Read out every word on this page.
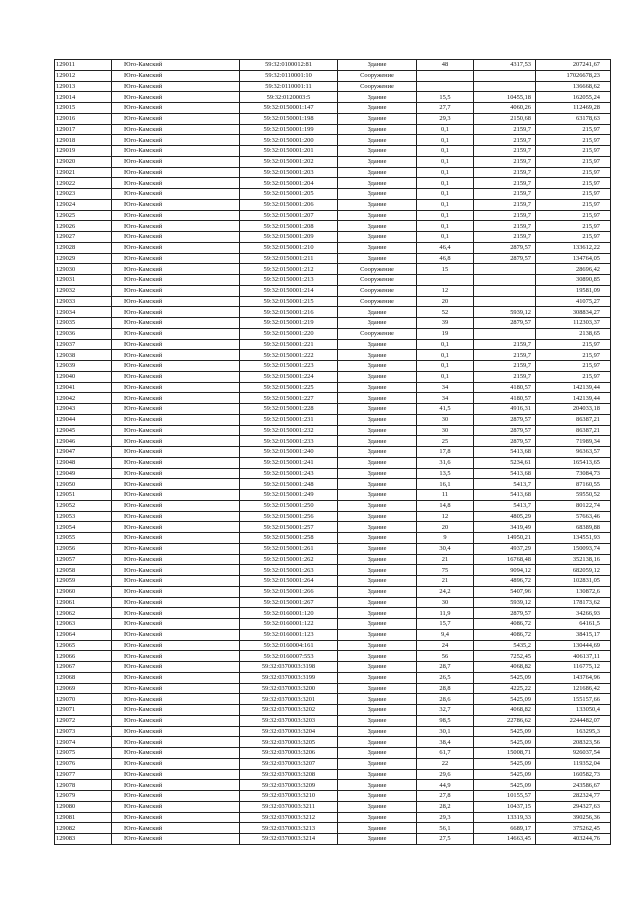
129011	Юго-Камский	59:32:0100012:81	Здание	48	4317,53	207241,67
129012	Юго-Камский	59:32:0110001:10	Сооружение			17026678,23
129013	Юго-Камский	59:32:0110001:11	Сооружение			136668,62
129014	Юго-Камский	59:32:0120003:5	Здание	15,5	10455,18	162055,24
129015	Юго-Камский	59:32:0150001:147	Здание	27,7	4060,26	112469,28
129016	Юго-Камский	59:32:0150001:198	Здание	29,3	2150,68	63178,63
129017	Юго-Камский	59:32:0150001:199	Здание	0,1	2159,7	215,97
129018	Юго-Камский	59:32:0150001:200	Здание	0,1	2159,7	215,97
129019	Юго-Камский	59:32:0150001:201	Здание	0,1	2159,7	215,97
129020	Юго-Камский	59:32:0150001:202	Здание	0,1	2159,7	215,97
129021	Юго-Камский	59:32:0150001:203	Здание	0,1	2159,7	215,97
129022	Юго-Камский	59:32:0150001:204	Здание	0,1	2159,7	215,97
129023	Юго-Камский	59:32:0150001:205	Здание	0,1	2159,7	215,97
129024	Юго-Камский	59:32:0150001:206	Здание	0,1	2159,7	215,97
129025	Юго-Камский	59:32:0150001:207	Здание	0,1	2159,7	215,97
129026	Юго-Камский	59:32:0150001:208	Здание	0,1	2159,7	215,97
129027	Юго-Камский	59:32:0150001:209	Здание	0,1	2159,7	215,97
129028	Юго-Камский	59:32:0150001:210	Здание	46,4	2879,57	133612,22
129029	Юго-Камский	59:32:0150001:211	Здание	46,8	2879,57	134764,05
129030	Юго-Камский	59:32:0150001:212	Сооружение	15		28696,42
129031	Юго-Камский	59:32:0150001:213	Сооружение			30890,85
129032	Юго-Камский	59:32:0150001:214	Сооружение	12		19581,09
129033	Юго-Камский	59:32:0150001:215	Сооружение	20		41075,27
129034	Юго-Камский	59:32:0150001:216	Здание	52	5939,12	308834,27
129035	Юго-Камский	59:32:0150001:219	Здание	39	2879,57	112303,37
129036	Юго-Камский	59:32:0150001:220	Сооружение	19		2138,65
129037	Юго-Камский	59:32:0150001:221	Здание	0,1	2159,7	215,97
129038	Юго-Камский	59:32:0150001:222	Здание	0,1	2159,7	215,97
129039	Юго-Камский	59:32:0150001:223	Здание	0,1	2159,7	215,97
129040	Юго-Камский	59:32:0150001:224	Здание	0,1	2159,7	215,97
129041	Юго-Камский	59:32:0150001:225	Здание	34	4180,57	142139,44
129042	Юго-Камский	59:32:0150001:227	Здание	34	4180,57	142139,44
129043	Юго-Камский	59:32:0150001:228	Здание	41,5	4916,31	204033,18
129044	Юго-Камский	59:32:0150001:231	Здание	30	2879,57	86387,21
129045	Юго-Камский	59:32:0150001:232	Здание	30	2879,57	86387,21
129046	Юго-Камский	59:32:0150001:233	Здание	25	2879,57	71989,34
129047	Юго-Камский	59:32:0150001:240	Здание	17,8	5413,68	96363,57
129048	Юго-Камский	59:32:0150001:241	Здание	31,6	5234,61	165413,65
129049	Юго-Камский	59:32:0150001:243	Здание	13,5	5413,68	73084,73
129050	Юго-Камский	59:32:0150001:248	Здание	16,1	5413,7	87160,55
129051	Юго-Камский	59:32:0150001:249	Здание	11	5413,68	59550,52
129052	Юго-Камский	59:32:0150001:250	Здание	14,8	5413,7	80122,74
129053	Юго-Камский	59:32:0150001:256	Здание	12	4805,29	57663,46
129054	Юго-Камский	59:32:0150001:257	Здание	20	3419,49	68389,88
129055	Юго-Камский	59:32:0150001:258	Здание	9	14950,21	134551,93
129056	Юго-Камский	59:32:0150001:261	Здание	30,4	4937,29	150093,74
129057	Юго-Камский	59:32:0150001:262	Здание	21	16768,48	352138,16
129058	Юго-Камский	59:32:0150001:263	Здание	75	9094,12	682059,12
129059	Юго-Камский	59:32:0150001:264	Здание	21	4896,72	102831,05
129060	Юго-Камский	59:32:0150001:266	Здание	24,2	5407,96	130872,6
129061	Юго-Камский	59:32:0150001:267	Здание	30	5939,12	178173,62
129062	Юго-Камский	59:32:0160001:120	Здание	11,9	2879,57	34266,93
129063	Юго-Камский	59:32:0160001:122	Здание	15,7	4086,72	64161,5
129064	Юго-Камский	59:32:0160001:123	Здание	9,4	4086,72	38415,17
129065	Юго-Камский	59:32:0160004:161	Здание	24	5435,2	130444,69
129066	Юго-Камский	59:32:0160007:553	Здание	56	7252,45	406137,11
129067	Юго-Камский	59:32:0370003:3198	Здание	28,7	4068,82	116775,12
129068	Юго-Камский	59:32:0370003:3199	Здание	26,5	5425,09	143764,96
129069	Юго-Камский	59:32:0370003:3200	Здание	28,8	4225,22	121686,42
129070	Юго-Камский	59:32:0370003:3201	Здание	28,6	5425,09	155157,66
129071	Юго-Камский	59:32:0370003:3202	Здание	32,7	4068,82	133050,4
129072	Юго-Камский	59:32:0370003:3203	Здание	98,5	22786,62	2244482,07
129073	Юго-Камский	59:32:0370003:3204	Здание	30,1	5425,09	163295,3
129074	Юго-Камский	59:32:0370003:3205	Здание	38,4	5425,09	208323,56
129075	Юго-Камский	59:32:0370003:3206	Здание	61,7	15008,71	926037,54
129076	Юго-Камский	59:32:0370003:3207	Здание	22	5425,09	119352,04
129077	Юго-Камский	59:32:0370003:3208	Здание	29,6	5425,09	160582,73
129078	Юго-Камский	59:32:0370003:3209	Здание	44,9	5425,09	243586,67
129079	Юго-Камский	59:32:0370003:3210	Здание	27,8	10155,57	282324,77
129080	Юго-Камский	59:32:0370003:3211	Здание	28,2	10437,15	294327,63
129081	Юго-Камский	59:32:0370003:3212	Здание	29,3	13319,33	390256,36
129082	Юго-Камский	59:32:0370003:3213	Здание	56,1	6689,17	375262,45
129083	Юго-Камский	59:32:0370003:3214	Здание	27,5	14663,45	403244,76
